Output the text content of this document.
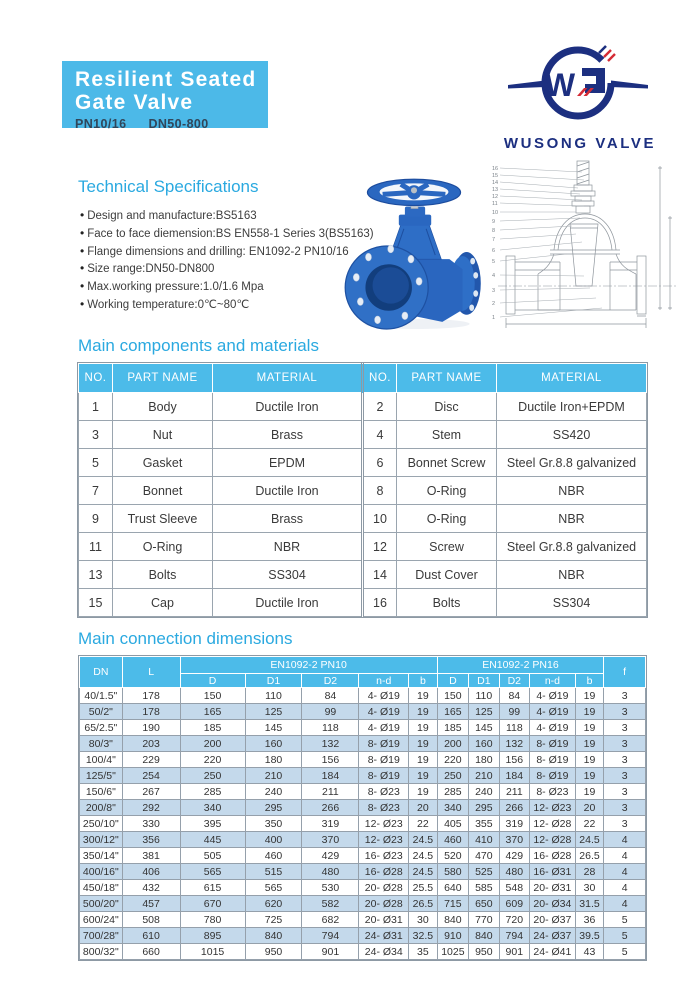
Resilient Seated
Gate Valve
PN10/16 DN50-800
W
WUSONG VALVE
Technical Specifications
• Design and manufacture:BS5163
• Face to face diemension:BS EN558-1 Series 3(BS5163)
• Flange dimensions and drilling: EN1092-2 PN10/16
• Size range:DN50-DN800
• Max.working pressure:1.0/1.6 Mpa
• Working temperature:0℃~80℃
16
15
14
13
12
11
10
9
8
7
6
5
4
3
2
1
Main components and materials
NO.	PART NAME	MATERIAL	NO.	PART NAME	MATERIAL
1	Body	Ductile Iron	2	Disc	Ductile Iron+EPDM
3	Nut	Brass	4	Stem	SS420
5	Gasket	EPDM	6	Bonnet Screw	Steel Gr.8.8 galvanized
7	Bonnet	Ductile Iron	8	O-Ring	NBR
9	Trust Sleeve	Brass	10	O-Ring	NBR
11	O-Ring	NBR	12	Screw	Steel Gr.8.8 galvanized
13	Bolts	SS304	14	Dust Cover	NBR
15	Cap	Ductile Iron	16	Bolts	SS304
Main connection dimensions
DN	L	EN1092-2 PN10					EN1092-2 PN16					f
		D	D1	D2	n-d	b	D	D1	D2	n-d	b	
40/1.5"	178	150	110	84	4- Ø19	19	150	110	84	4- Ø19	19	3
50/2"	178	165	125	99	4- Ø19	19	165	125	99	4- Ø19	19	3
65/2.5"	190	185	145	118	4- Ø19	19	185	145	118	4- Ø19	19	3
80/3"	203	200	160	132	8- Ø19	19	200	160	132	8- Ø19	19	3
100/4"	229	220	180	156	8- Ø19	19	220	180	156	8- Ø19	19	3
125/5"	254	250	210	184	8- Ø19	19	250	210	184	8- Ø19	19	3
150/6"	267	285	240	211	8- Ø23	19	285	240	211	8- Ø23	19	3
200/8"	292	340	295	266	8- Ø23	20	340	295	266	12- Ø23	20	3
250/10"	330	395	350	319	12- Ø23	22	405	355	319	12- Ø28	22	3
300/12"	356	445	400	370	12- Ø23	24.5	460	410	370	12- Ø28	24.5	4
350/14"	381	505	460	429	16- Ø23	24.5	520	470	429	16- Ø28	26.5	4
400/16"	406	565	515	480	16- Ø28	24.5	580	525	480	16- Ø31	28	4
450/18"	432	615	565	530	20- Ø28	25.5	640	585	548	20- Ø31	30	4
500/20"	457	670	620	582	20- Ø28	26.5	715	650	609	20- Ø34	31.5	4
600/24"	508	780	725	682	20- Ø31	30	840	770	720	20- Ø37	36	5
700/28"	610	895	840	794	24- Ø31	32.5	910	840	794	24- Ø37	39.5	5
800/32"	660	1015	950	901	24- Ø34	35	1025	950	901	24- Ø41	43	5
